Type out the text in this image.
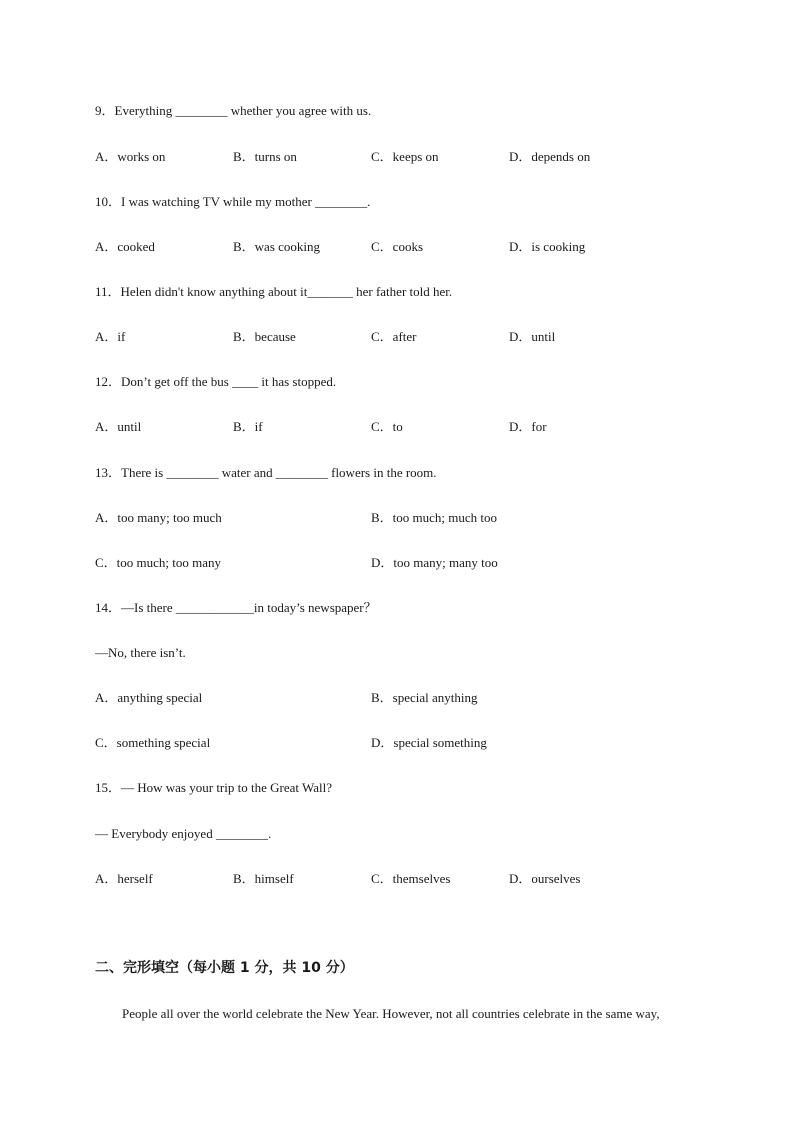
9．Everything ________ whether you agree with us.
A．works on	B．turns on	C．keeps on	D．depends on
10．I was watching TV while my mother ________.
A．cooked	B．was cooking	C．cooks	D．is cooking
11．Helen didn't know anything about it_______ her father told her.
A．if	B．because	C．after	D．until
12．Don’t get off the bus ____ it has stopped.
A．until	B．if	C．to	D．for
13．There is ________ water and ________ flowers in the room.
A．too many; too much	B．too much; much too
C．too much; too many	D．too many; many too
14．—Is there ____________in today’s newspaper？
—No, there isn’t.
A．anything special	B．special anything
C．something special	D．special something
15．— How was your trip to the Great Wall?
— Everybody enjoyed ________.
A．herself	B．himself	C．themselves	D．ourselves
二、完形填空（每小题 1 分，共 10 分）
People all over the world celebrate the New Year. However, not all countries celebrate in the same way,
